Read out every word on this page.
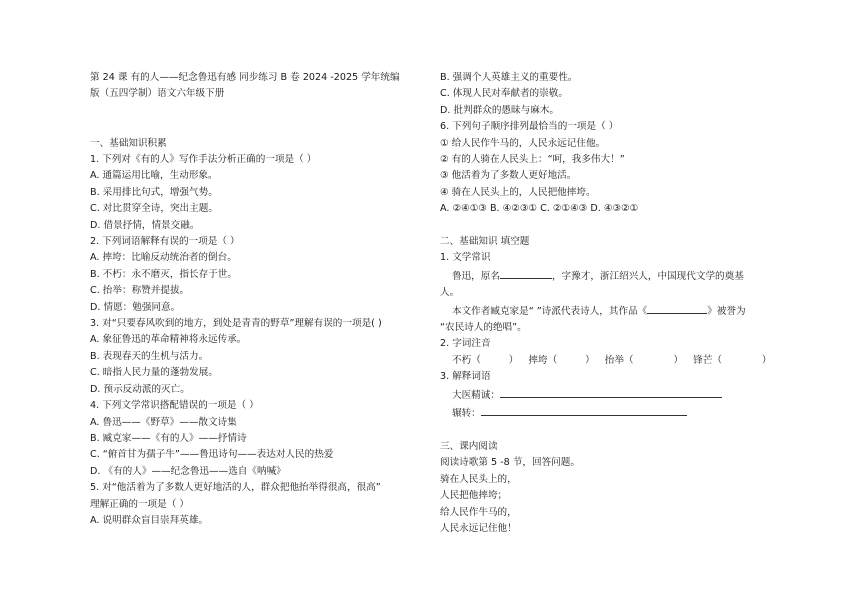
第 24 课 有的人——纪念鲁迅有感 同步练习 B 卷 2024 -2025 学年统编
版（五四学制）语文六年级下册
一、基础知识积累
1. 下列对《有的人》写作手法分析正确的一项是（ ）
A. 通篇运用比喻，生动形象。
B. 采用排比句式，增强气势。
C. 对比贯穿全诗，突出主题。
D. 借景抒情，情景交融。
2. 下列词语解释有误的一项是（ ）
A. 摔垮：比喻反动统治者的倒台。
B. 不朽：永不磨灭，指长存于世。
C. 抬举：称赞并提拔。
D. 情愿：勉强同意。
3. 对“只要春风吹到的地方，到处是青青的野草”理解有误的一项是( )
A. 象征鲁迅的革命精神将永远传承。
B. 表现春天的生机与活力。
C. 暗指人民力量的蓬勃发展。
D. 预示反动派的灭亡。
4. 下列文学常识搭配错误的一项是（ ）
A. 鲁迅——《野草》——散文诗集
B. 臧克家——《有的人》——抒情诗
C. “俯首甘为孺子牛”——鲁迅诗句——表达对人民的热爱
D. 《有的人》——纪念鲁迅——选自《呐喊》
5. 对“他活着为了多数人更好地活的人，群众把他抬举得很高，很高”
理解正确的一项是（ ）
A. 说明群众盲目崇拜英雄。
B. 强调个人英雄主义的重要性。
C. 体现人民对奉献者的崇敬。
D. 批判群众的愚昧与麻木。
6. 下列句子顺序排列最恰当的一项是（ ）
① 给人民作牛马的，人民永远记住他。
② 有的人骑在人民头上：“呵，我多伟大！”
③ 他活着为了多数人更好地活。
④ 骑在人民头上的，人民把他摔垮。
A. ②④①③ B. ④②③① C. ②①④③ D. ④③②①
二、基础知识 填空题
1. 文学常识
鲁迅，原名	，字豫才，浙江绍兴人，中国现代文学的奠基
人。
本文作者臧克家是“ ”诗派代表诗人，其作品《	》被誉为
“农民诗人的绝唱”。
2. 字词注音
不朽（	） 摔垮（	） 抬举（	） 锋芒（	）
3. 解释词语
大医精诚：
辗转：
三、课内阅读
阅读诗歌第 5 -8 节，回答问题。
骑在人民头上的，
人民把他摔垮；
给人民作牛马的，
人民永远记住他！
